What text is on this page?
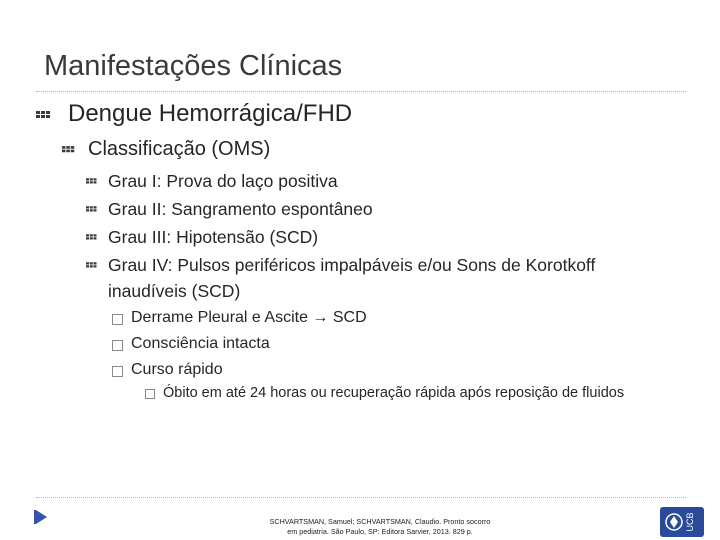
Manifestações Clínicas
Dengue Hemorrágica/FHD
Classificação (OMS)
Grau I: Prova do laço positiva
Grau II: Sangramento espontâneo
Grau III: Hipotensão (SCD)
Grau IV: Pulsos periféricos impalpáveis e/ou Sons de Korotkoff
inaudíveis (SCD)
Derrame Pleural e Ascite → SCD
Consciência intacta
Curso rápido
Óbito em até 24 horas ou recuperação rápida após reposição de fluidos
SCHVARTSMAN, Samuel; SCHVARTSMAN, Claudio. Pronto socorro
em pediatria. São Paulo, SP: Editora Sarvier, 2013. 829 p.	UCB
